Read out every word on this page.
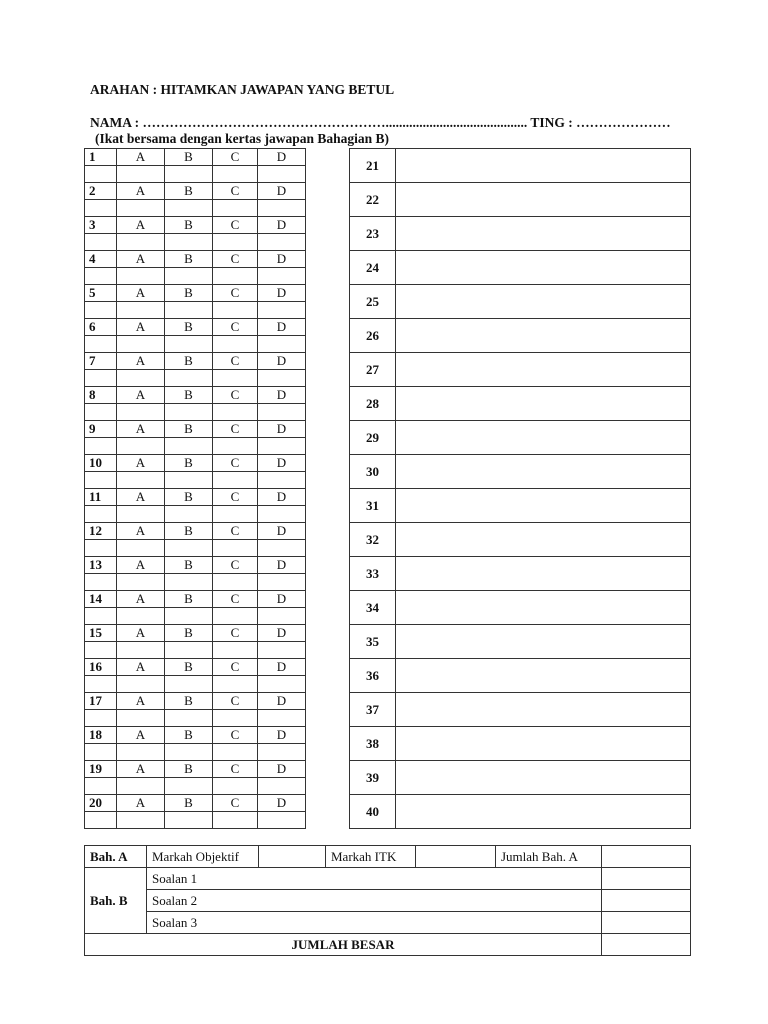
ARAHAN : HITAMKAN JAWAPAN YANG BETUL
NAMA : ……………………………………………….......................................... TING : …………………
(Ikat bersama dengan kertas jawapan Bahagian B)
1	A	B	C	D

2	A	B	C	D

3	A	B	C	D

4	A	B	C	D

5	A	B	C	D

6	A	B	C	D

7	A	B	C	D

8	A	B	C	D

9	A	B	C	D

10	A	B	C	D

11	A	B	C	D

12	A	B	C	D

13	A	B	C	D

14	A	B	C	D

15	A	B	C	D

16	A	B	C	D

17	A	B	C	D

18	A	B	C	D

19	A	B	C	D

20	A	B	C	D

21	
22	
23	
24	
25	
26	
27	
28	
29	
30	
31	
32	
33	
34	
35	
36	
37	
38	
39	
40	
Bah. A	Markah Objektif		Markah ITK		Jumlah Bah. A	
Bah. B	Soalan 1					
	Soalan 2					
	Soalan 3					
JUMLAH BESAR						
